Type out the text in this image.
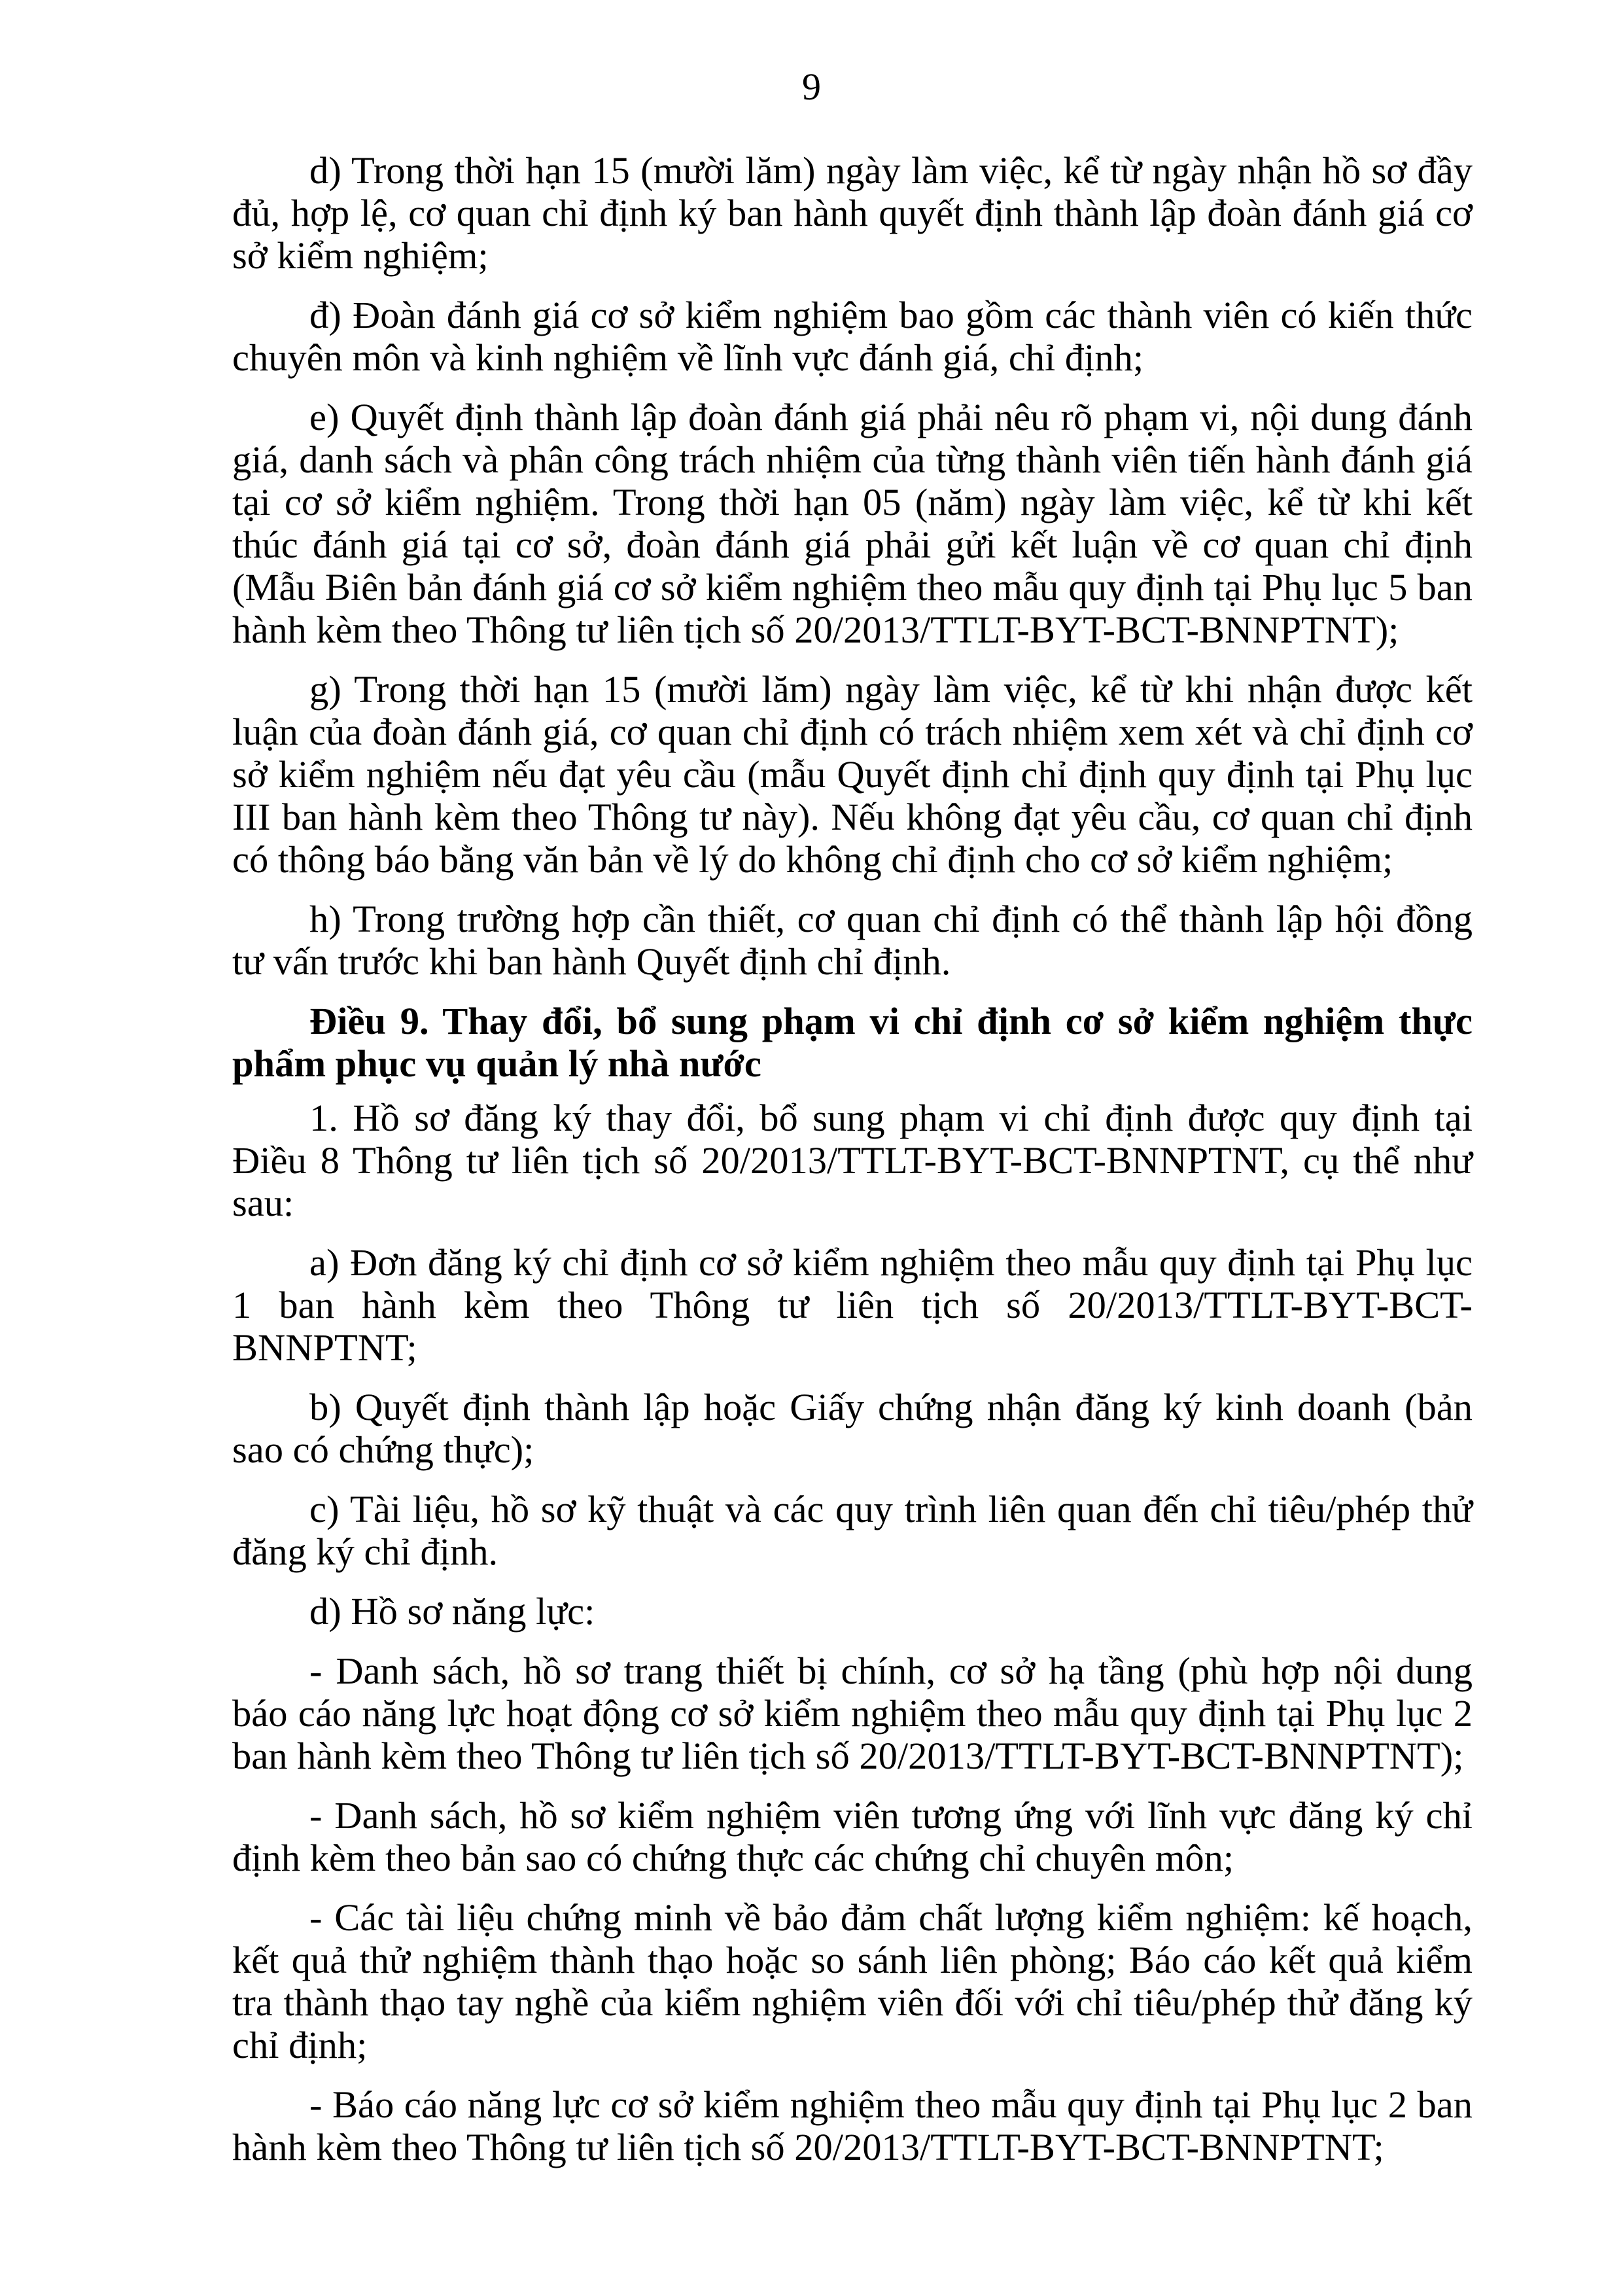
9

d) Trong thời hạn 15 (mười lăm) ngày làm việc, kể từ ngày nhận hồ sơ đầy đủ, hợp lệ, cơ quan chỉ định ký ban hành quyết định thành lập đoàn đánh giá cơ sở kiểm nghiệm;

đ) Đoàn đánh giá cơ sở kiểm nghiệm bao gồm các thành viên có kiến thức chuyên môn và kinh nghiệm về lĩnh vực đánh giá, chỉ định;

e) Quyết định thành lập đoàn đánh giá phải nêu rõ phạm vi, nội dung đánh giá, danh sách và phân công trách nhiệm của từng thành viên tiến hành đánh giá tại cơ sở kiểm nghiệm. Trong thời hạn 05 (năm) ngày làm việc, kể từ khi kết thúc đánh giá tại cơ sở, đoàn đánh giá phải gửi kết luận về cơ quan chỉ định (Mẫu Biên bản đánh giá cơ sở kiểm nghiệm theo mẫu quy định tại Phụ lục 5 ban hành kèm theo Thông tư liên tịch số 20/2013/TTLT-BYT-BCT-BNNPTNT);

g) Trong thời hạn 15 (mười lăm) ngày làm việc, kể từ khi nhận được kết luận của đoàn đánh giá, cơ quan chỉ định có trách nhiệm xem xét và chỉ định cơ sở kiểm nghiệm nếu đạt yêu cầu (mẫu Quyết định chỉ định quy định tại Phụ lục III ban hành kèm theo Thông tư này). Nếu không đạt yêu cầu, cơ quan chỉ định có thông báo bằng văn bản về lý do không chỉ định cho cơ sở kiểm nghiệm;

h) Trong trường hợp cần thiết, cơ quan chỉ định có thể thành lập hội đồng tư vấn trước khi ban hành Quyết định chỉ định.

Điều 9. Thay đổi, bổ sung phạm vi chỉ định cơ sở kiểm nghiệm thực phẩm phục vụ quản lý nhà nước

1. Hồ sơ đăng ký thay đổi, bổ sung phạm vi chỉ định được quy định tại Điều 8 Thông tư liên tịch số 20/2013/TTLT-BYT-BCT-BNNPTNT, cụ thể như sau:

a) Đơn đăng ký chỉ định cơ sở kiểm nghiệm theo mẫu quy định tại Phụ lục 1 ban hành kèm theo Thông tư liên tịch số 20/2013/TTLT-BYT-BCT-BNNPTNT;

b) Quyết định thành lập hoặc Giấy chứng nhận đăng ký kinh doanh (bản sao có chứng thực);

c) Tài liệu, hồ sơ kỹ thuật và các quy trình liên quan đến chỉ tiêu/phép thử đăng ký chỉ định.

d) Hồ sơ năng lực:

- Danh sách, hồ sơ trang thiết bị chính, cơ sở hạ tầng (phù hợp nội dung báo cáo năng lực hoạt động cơ sở kiểm nghiệm theo mẫu quy định tại Phụ lục 2 ban hành kèm theo Thông tư liên tịch số 20/2013/TTLT-BYT-BCT-BNNPTNT);

- Danh sách, hồ sơ kiểm nghiệm viên tương ứng với lĩnh vực đăng ký chỉ định kèm theo bản sao có chứng thực các chứng chỉ chuyên môn;

- Các tài liệu chứng minh về bảo đảm chất lượng kiểm nghiệm: kế hoạch, kết quả thử nghiệm thành thạo hoặc so sánh liên phòng; Báo cáo kết quả kiểm tra thành thạo tay nghề của kiểm nghiệm viên đối với chỉ tiêu/phép thử đăng ký chỉ định;

- Báo cáo năng lực cơ sở kiểm nghiệm theo mẫu quy định tại Phụ lục 2 ban hành kèm theo Thông tư liên tịch số 20/2013/TTLT-BYT-BCT-BNNPTNT;
